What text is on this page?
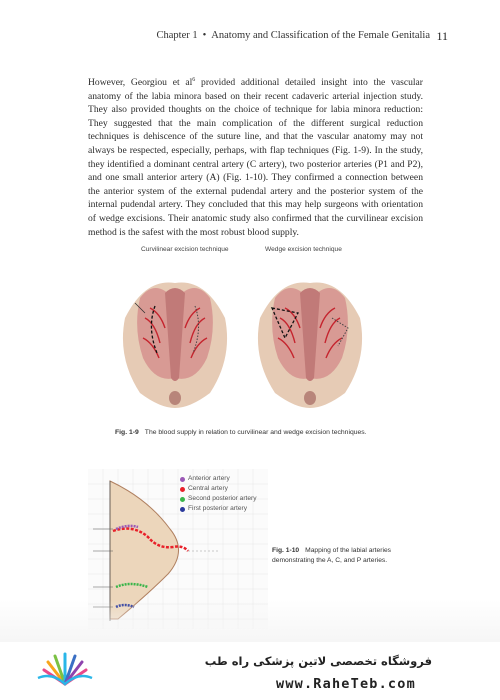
Chapter 1 • Anatomy and Classification of the Female Genitalia 11
However, Georgiou et $al^6$ provided additional detailed insight into the vascular anatomy of the labia minora based on their recent cadaveric arterial injection study. They also provided thoughts on the choice of technique for labia minora reduction: They suggested that the main complication of the different surgical reduction techniques is dehiscence of the suture line, and that the vascular anatomy may not always be respected, especially, perhaps, with flap techniques (Fig. 1-9). In the study, they identified a dominant central artery (C artery), two posterior arteries (P1 and P2), and one small anterior artery (A) (Fig. 1-10). They confirmed a connection between the anterior system of the external pudendal artery and the posterior system of the internal pudendal artery. They concluded that this may help surgeons with orientation of wedge excisions. Their anatomic study also confirmed that the curvilinear excision method is the safest with the most robust blood supply.
Curvilinear excision technique	Wedge excision technique
Fig. 1-9 The blood supply in relation to curvilinear and wedge excision techniques.
Anterior artery
Central artery
Second posterior artery
First posterior artery
Fig. 1-10 Mapping of the labial arteries demonstrating the A, C, and P arteries.
فروشگاه تخصصی لاتین پزشکی راه طب
www.RaheTeb.com
